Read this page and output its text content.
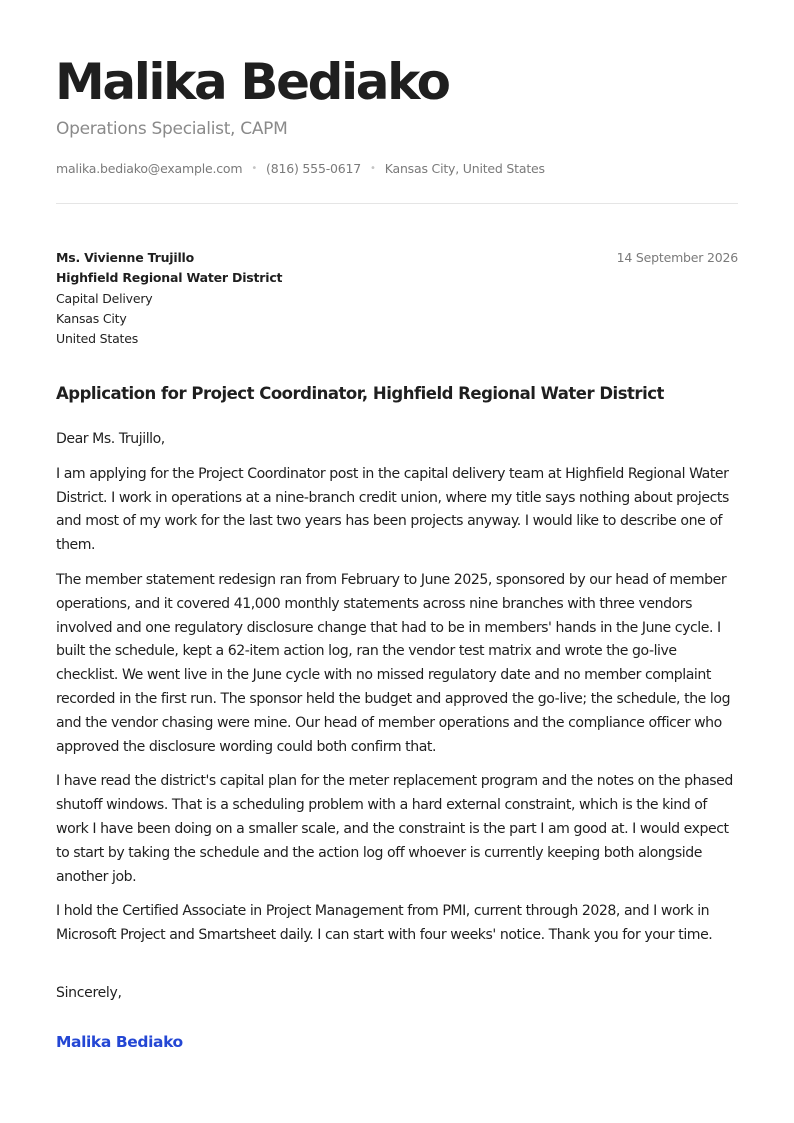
Malika Bediako
Operations Specialist, CAPM
malika.bediako@example.com • (816) 555-0617 • Kansas City, United States
Ms. Vivienne Trujillo
Highfield Regional Water District
Capital Delivery
Kansas City
United States
14 September 2026
Application for Project Coordinator, Highfield Regional Water District

Dear Ms. Trujillo,

I am applying for the Project Coordinator post in the capital delivery team at Highfield Regional Water District. I work in operations at a nine-branch credit union, where my title says nothing about projects and most of my work for the last two years has been projects anyway. I would like to describe one of them.

The member statement redesign ran from February to June 2025, sponsored by our head of member operations, and it covered 41,000 monthly statements across nine branches with three vendors involved and one regulatory disclosure change that had to be in members' hands in the June cycle. I built the schedule, kept a 62-item action log, ran the vendor test matrix and wrote the go-live checklist. We went live in the June cycle with no missed regulatory date and no member complaint recorded in the first run. The sponsor held the budget and approved the go-live; the schedule, the log and the vendor chasing were mine. Our head of member operations and the compliance officer who approved the disclosure wording could both confirm that.

I have read the district's capital plan for the meter replacement program and the notes on the phased shutoff windows. That is a scheduling problem with a hard external constraint, which is the kind of work I have been doing on a smaller scale, and the constraint is the part I am good at. I would expect to start by taking the schedule and the action log off whoever is currently keeping both alongside another job.

I hold the Certified Associate in Project Management from PMI, current through 2028, and I work in Microsoft Project and Smartsheet daily. I can start with four weeks' notice. Thank you for your time.

Sincerely,
Malika Bediako
